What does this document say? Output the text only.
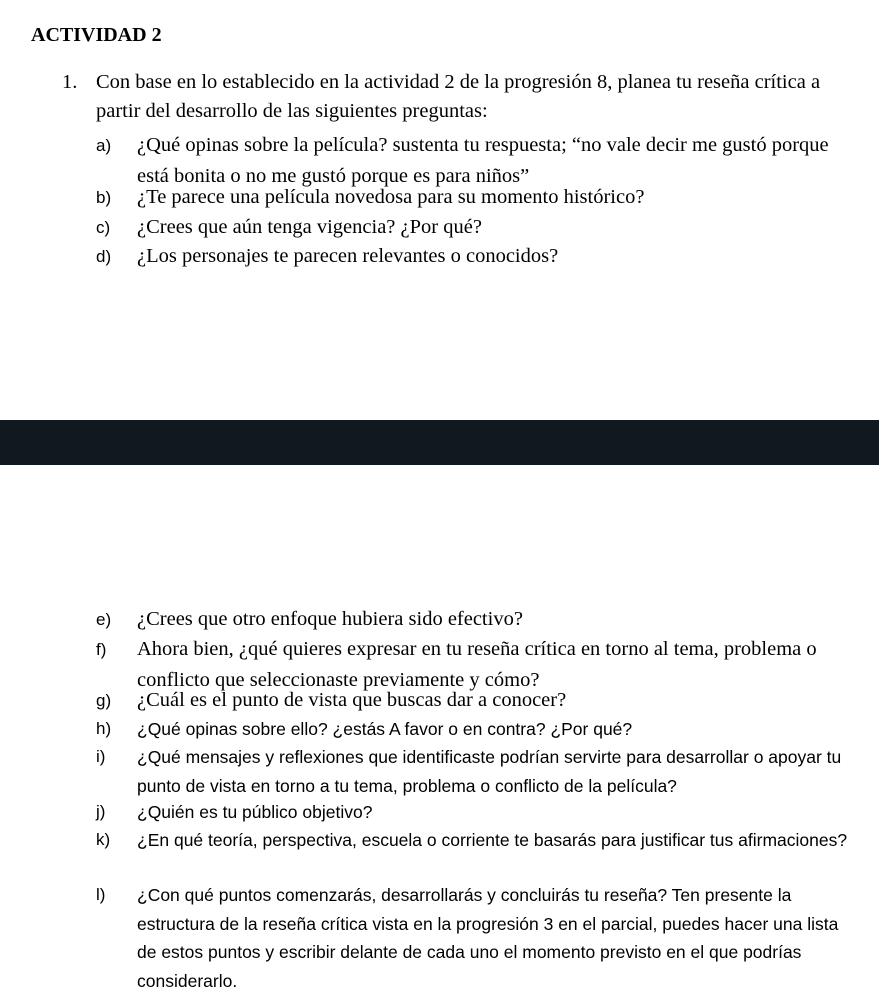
ACTIVIDAD 2
1. Con base en lo establecido en la actividad 2 de la progresión 8, planea tu reseña crítica a partir del desarrollo de las siguientes preguntas:
a) ¿Qué opinas sobre la película? sustenta tu respuesta; “no vale decir me gustó porque está bonita o no me gustó porque es para niños”
b) ¿Te parece una película novedosa para su momento histórico?
c) ¿Crees que aún tenga vigencia? ¿Por qué?
d) ¿Los personajes te parecen relevantes o conocidos?
e) ¿Crees que otro enfoque hubiera sido efectivo?
f) Ahora bien, ¿qué quieres expresar en tu reseña crítica en torno al tema, problema o conflicto que seleccionaste previamente y cómo?
g) ¿Cuál es el punto de vista que buscas dar a conocer?
h) ¿Qué opinas sobre ello? ¿estás A favor o en contra? ¿Por qué?
i) ¿Qué mensajes y reflexiones que identificaste podrían servirte para desarrollar o apoyar tu punto de vista en torno a tu tema, problema o conflicto de la película?
j) ¿Quién es tu público objetivo?
k) ¿En qué teoría, perspectiva, escuela o corriente te basarás para justificar tus afirmaciones?
l) ¿Con qué puntos comenzarás, desarrollarás y concluirás tu reseña? Ten presente la estructura de la reseña crítica vista en la progresión 3 en el parcial, puedes hacer una lista de estos puntos y escribir delante de cada uno el momento previsto en el que podrías considerarlo.
